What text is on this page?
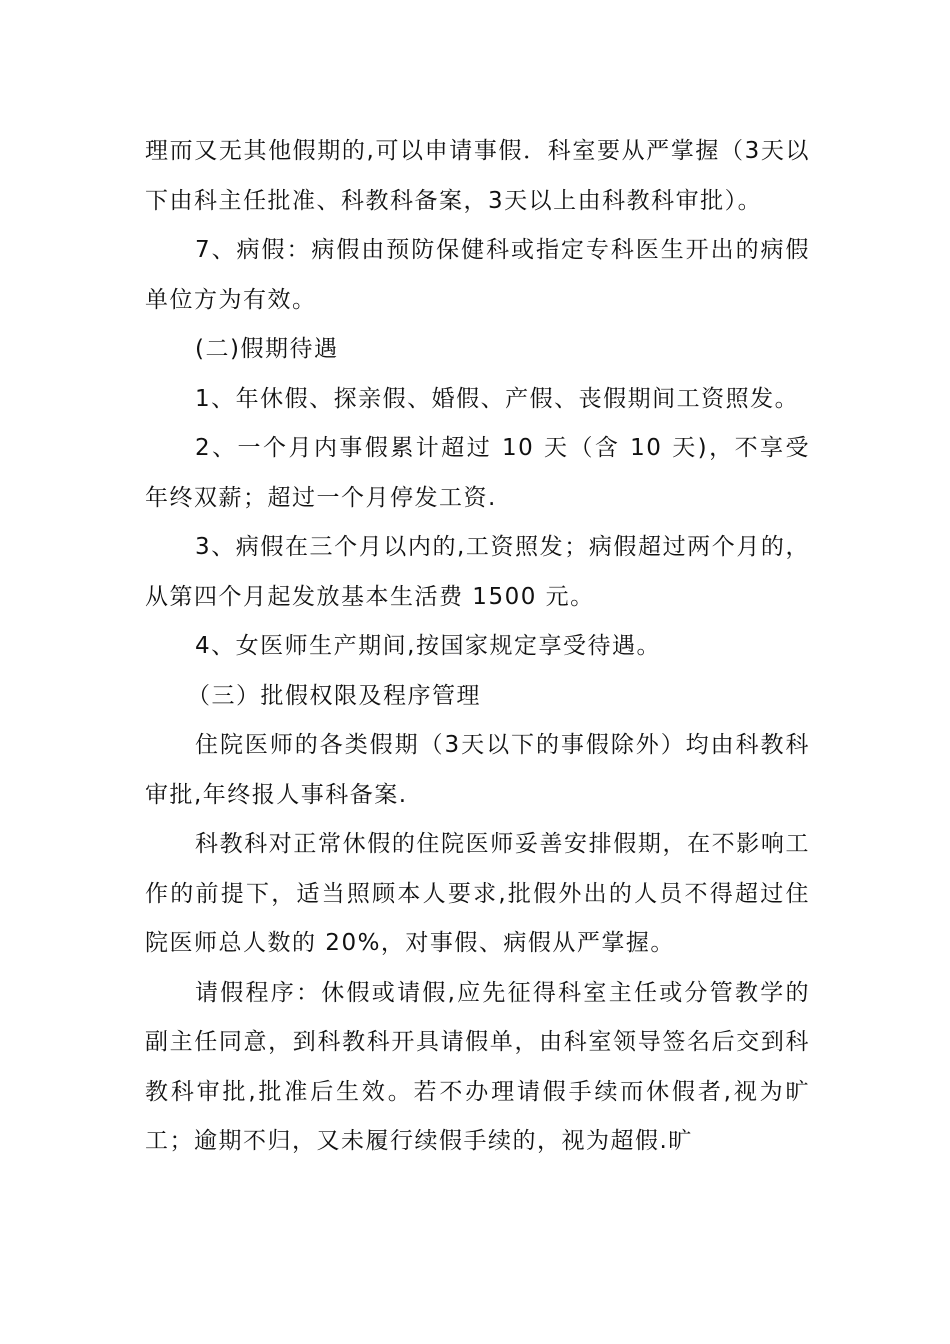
理而又无其他假期的,可以申请事假．科室要从严掌握（3天以下由科主任批准、科教科备案，3天以上由科教科审批）。

7、病假：病假由预防保健科或指定专科医生开出的病假单位方为有效。

(二)假期待遇

1、年休假、探亲假、婚假、产假、丧假期间工资照发。

2、一个月内事假累计超过 10 天（含 10 天)，不享受年终双薪；超过一个月停发工资.

3、病假在三个月以内的,工资照发；病假超过两个月的，从第四个月起发放基本生活费 1500 元。

4、女医师生产期间,按国家规定享受待遇。

（三）批假权限及程序管理

住院医师的各类假期（3天以下的事假除外）均由科教科审批,年终报人事科备案.

科教科对正常休假的住院医师妥善安排假期，在不影响工作的前提下，适当照顾本人要求,批假外出的人员不得超过住院医师总人数的 20%，对事假、病假从严掌握。

请假程序：休假或请假,应先征得科室主任或分管教学的副主任同意，到科教科开具请假单，由科室领导签名后交到科教科审批,批准后生效。若不办理请假手续而休假者,视为旷工；逾期不归，又未履行续假手续的，视为超假.旷
